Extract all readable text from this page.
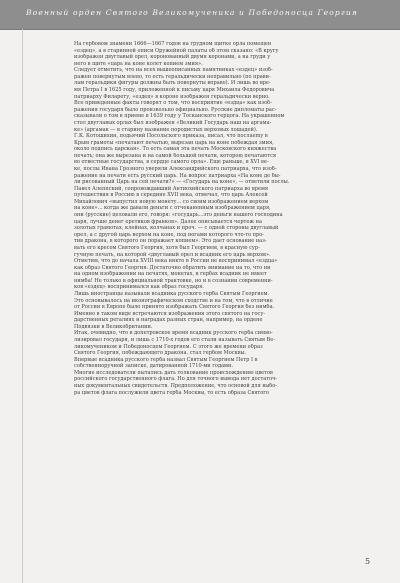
Военный орден Святого Великомученика и Победоносца Георгия
На гербовом знамени 1666—1667 годов на грудном щитке орла помещен
«ездец», а в старинной описи Оружейной палаты об этом сказано: «В кругу
изображен двуглавый орел, коронованный двумя коронами, а на груди у
него в щите «царь на коне колет копием змия».
Следует отметить, что на всех вышеописанных памятниках «ездец» изоб-
ражен повернутым влево, то есть геральдически неправильно (по прави-
лам геральдики фигуры должны быть повернуты вправо). И лишь во вре-
мя Петра I в 1625 году, приложенной к письму царя Михаила Федоровича
патриарху Филарету, «ездец» в короне изображен геральдически верно.
Все приведенные факты говорят о том, что восприятие «ездца» как изоб-
ражения государя было произвольно официально. Русские дипломаты рас-
сказывали о том в приеме в 1639 году у Тосканского герцога. На украшенном
стол двуглавых орлах был изображен «Великий Государь наш на аргама-
ке» (аргамак — в старину название породистых верховых лошадей).
Г.К. Котошихин, подьячий Посольского приказа, писал, что послаemy в
Крым грамоты «печатают печатью, вырезан царь на коне побеждая змия,
около подпись царская». То есть самая эта печать Московского княжества
печать; она же вырезана и на самой большой печати, которою печатаются
во отвестные государства, в сердце самого орла». Еще раньше, в XVI ве-
ке, послы Ивана Грозного уверяли Александрийского патриарха, что изоб-
ражение на печати есть русский царь. На вопрос патриарха «На коне де бы-
ли рисованный Царь на сей печати?» — «Государь на коне», — ответили послы.
Павел Алеппский, сопровождавший Антиохийского патриарха во время
путешествия в Россию в середине XVII века, отмечал, что царь Алексей
Михайлович «выпустил новую монету... со своим изображением верхом
на коне»... когда же давали деньги с отчеканенным изображением царя,
они (русские) целовали его, говоря: «государь...это деньги нашего господина
царя, лучше денег еретиков франков». Далее описывается чертеж на
золотых грамотах, клейнах, колчанах и проч. — с одной стороны двуглавый
орел, а с другой царь верхом на коне, под ногами которого что-то про-
тив дракона, в которого он поражает копием». Это дает основание наз-
вать его кресом Святого Георгия, хотя был Георгием, в красную сур-
гучную печать, на которой «двуглавый орел и всадник его царь верхом».
Отметим, что до начала XVIII века никто в России не воспринимал «ездца»
как образ Святого Георгия. Достаточно обратить внимание на то, что ни
на одном изображении на печатях, монетах, в гербах всадник не имеет
нимба! Не только в официальной трактовке, но и в сознании современни-
ков «ездец» воспринимался как образ государя.
Лишь иностранцы называли всадника русского герба Святым Георгием.
Это основывалось на иконографическом сходстве и на том, что в отличие
от России в Европе было принято изображать Святого Георгия без нимба.
Именно в таком виде встречаются изображения этого святого на госу-
дарственных регалиях и наградах разных стран, например, на ордене
Подвязки в Великобритании.
Итак, очевидно, что в допетровское время всадник русского герба симво-
лизировал государя, и лишь с 1710-х годов его стали называть Святым Ве-
ликомучеником и Победоносцем Георгием. С этого же времени образ
Святого Георгия, побеждающего дракона, стал гербом Москвы.
Впервые всадника русского герба назвал Святым Георгием Петр I в
собственноручной записке, датированной 1710-ми годами.
Многие исследователи пытались дать толкование происхождению цветов
российского государственного флага. Но для точного вывода нет достаточ-
ных документальных свидетельств. Предположение, что основой для выбо-
ра цветов флага послужили цвета герба Москвы, то есть образа Святого
5
